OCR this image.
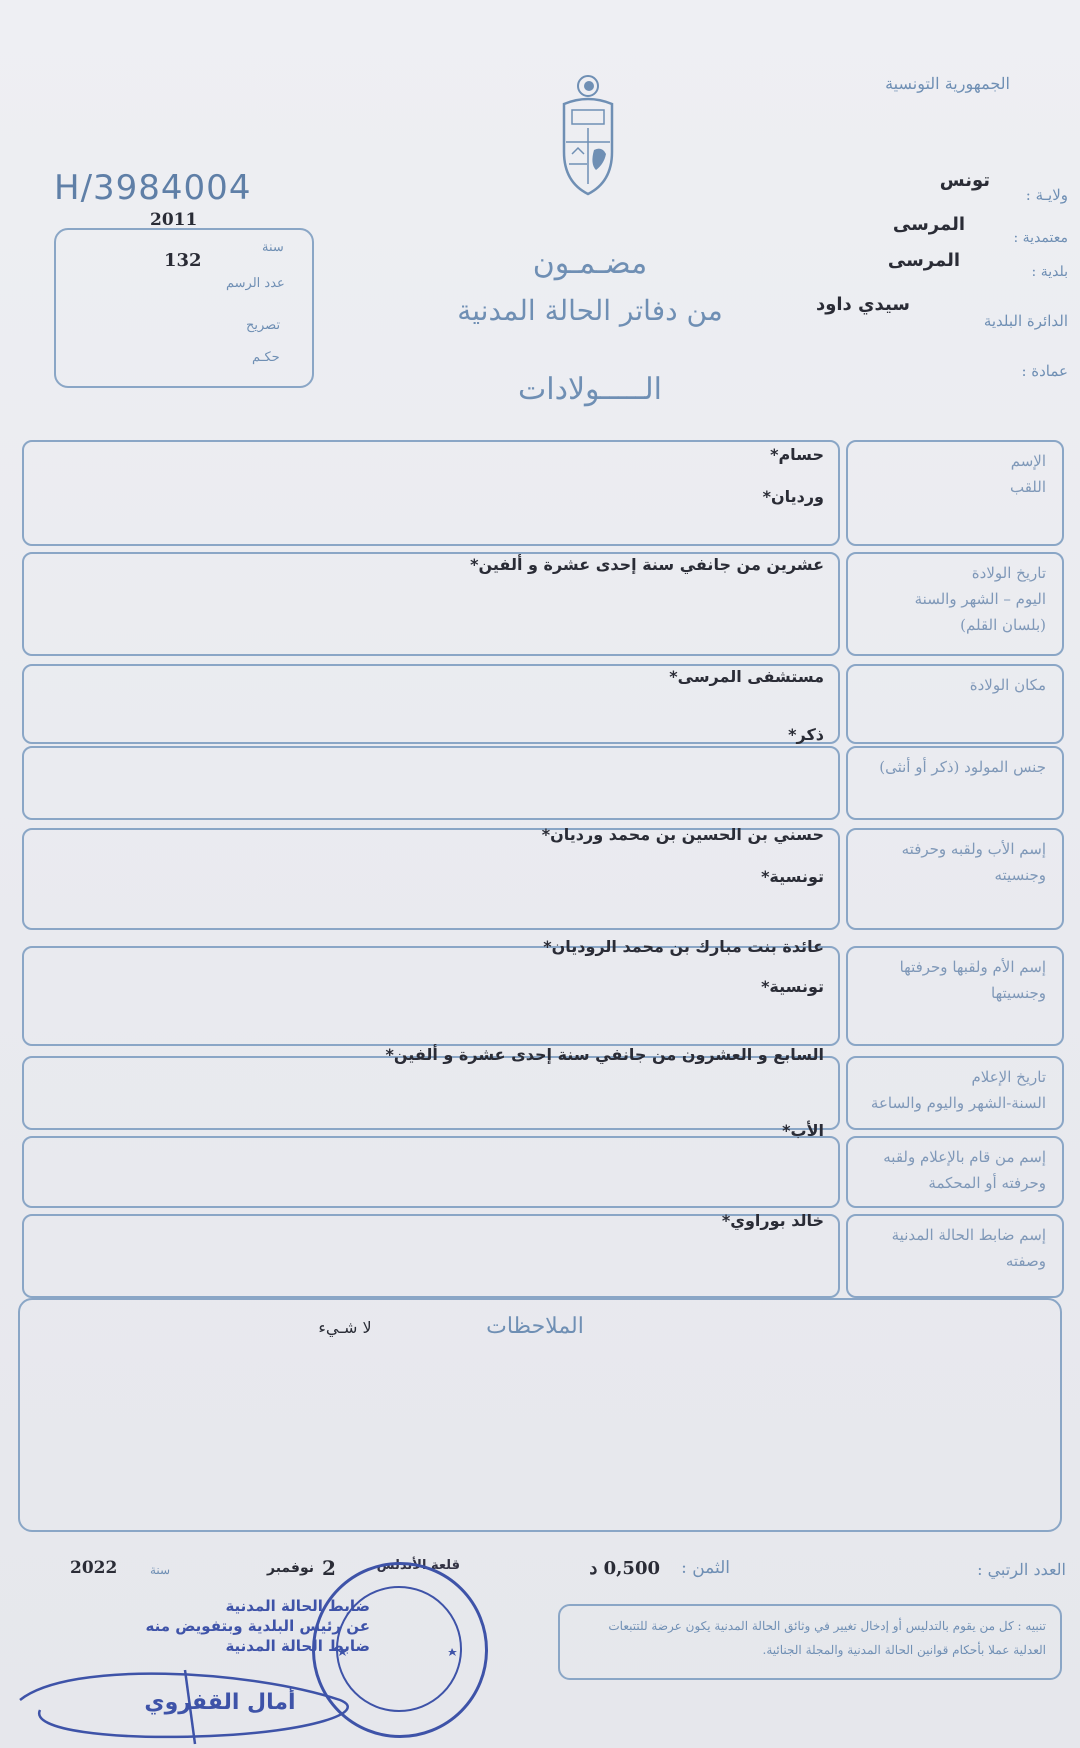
الجمهورية التونسية
ولايـة :
تونس
معتمدية :
المرسى
بلدية :
المرسى
الدائرة البلدية
سيدي داود
عمادة :
H/3984004
2011
سنة
132
عدد الرسم
تصريح
حكـم
مضـمـون
من دفاتر الحالة المدنية
الـــــولادات
الإسم
اللقب
حسام*
وردیان*
تاريخ الولادة
اليوم – الشهر والسنة
(بلسان القلم)
عشرين من جانفي سنة إحدى عشرة و ألفين*
مكان الولادة
مستشفى المرسى*
جنس المولود (ذكر أو أنثى)
ذكر*
إسم الأب ولقبه وحرفته
وجنسيته
حسني بن الحسين بن محمد وردیان*
تونسية*
إسم الأم ولقبها وحرفتها
وجنسيتها
عائدة بنت مبارك بن محمد الروديان*
تونسية*
تاريخ الإعلام
السنة-الشهر واليوم والساعة
السابع و العشرون من جانفي سنة إحدى عشرة و ألفين*
إسم من قام بالإعلام ولقبه
وحرفته أو المحكمة
الأب*
إسم ضابط الحالة المدنية
وصفته
خالد بوراوي*
الملاحظات
لا شـيء
العدد الرتبي :
الثمن :
0,500 د
قلعة الأندلس
2
نوفمبر
سنة
2022
تنبيه : كل من يقوم بالتدليس أو إدخال تغيير في وثائق الحالة المدنية يكون عرضة للتتبعات العدلية عملا بأحكام قوانين الحالة المدنية والمجلة الجنائية.
ضابط الحالة المدنية
عن رئيس البلدية وبتفويض منه
ضابط الحالة المدنية
أمال القفروي
